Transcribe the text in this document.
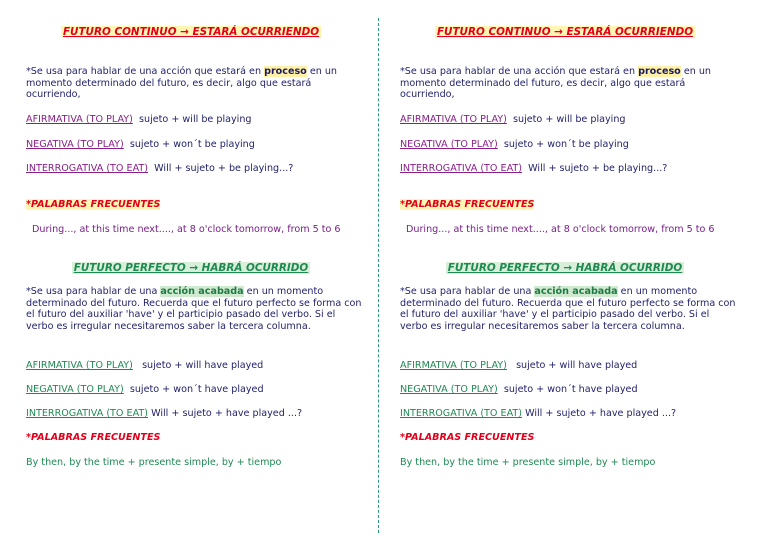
FUTURO CONTINUO → ESTARÁ OCURRIENDO
*Se usa para hablar de una acción que estará en proceso en un momento determinado del futuro, es decir, algo que estará ocurriendo,
AFIRMATIVA (TO PLAY) sujeto + will be playing
NEGATIVA (TO PLAY) sujeto + won´t be playing
INTERROGATIVA (TO EAT) Will + sujeto + be playing...?
*PALABRAS FRECUENTES
During..., at this time next...., at 8 o'clock tomorrow, from 5 to 6
FUTURO PERFECTO → HABRÁ OCURRIDO
*Se usa para hablar de una acción acabada en un momento determinado del futuro. Recuerda que el futuro perfecto se forma con el futuro del auxiliar 'have' y el participio pasado del verbo. Si el verbo es irregular necesitaremos saber la tercera columna.
AFIRMATIVA (TO PLAY) sujeto + will have played
NEGATIVA (TO PLAY) sujeto + won´t have played
INTERROGATIVA (TO EAT) Will + sujeto + have played ...?
*PALABRAS FRECUENTES
By then, by the time + presente simple, by + tiempo
FUTURO CONTINUO → ESTARÁ OCURRIENDO
*Se usa para hablar de una acción que estará en proceso en un momento determinado del futuro, es decir, algo que estará ocurriendo,
AFIRMATIVA (TO PLAY) sujeto + will be playing
NEGATIVA (TO PLAY) sujeto + won´t be playing
INTERROGATIVA (TO EAT) Will + sujeto + be playing...?
*PALABRAS FRECUENTES
During..., at this time next...., at 8 o'clock tomorrow, from 5 to 6
FUTURO PERFECTO → HABRÁ OCURRIDO
*Se usa para hablar de una acción acabada en un momento determinado del futuro. Recuerda que el futuro perfecto se forma con el futuro del auxiliar 'have' y el participio pasado del verbo. Si el verbo es irregular necesitaremos saber la tercera columna.
AFIRMATIVA (TO PLAY) sujeto + will have played
NEGATIVA (TO PLAY) sujeto + won´t have played
INTERROGATIVA (TO EAT) Will + sujeto + have played ...?
*PALABRAS FRECUENTES
By then, by the time + presente simple, by + tiempo
